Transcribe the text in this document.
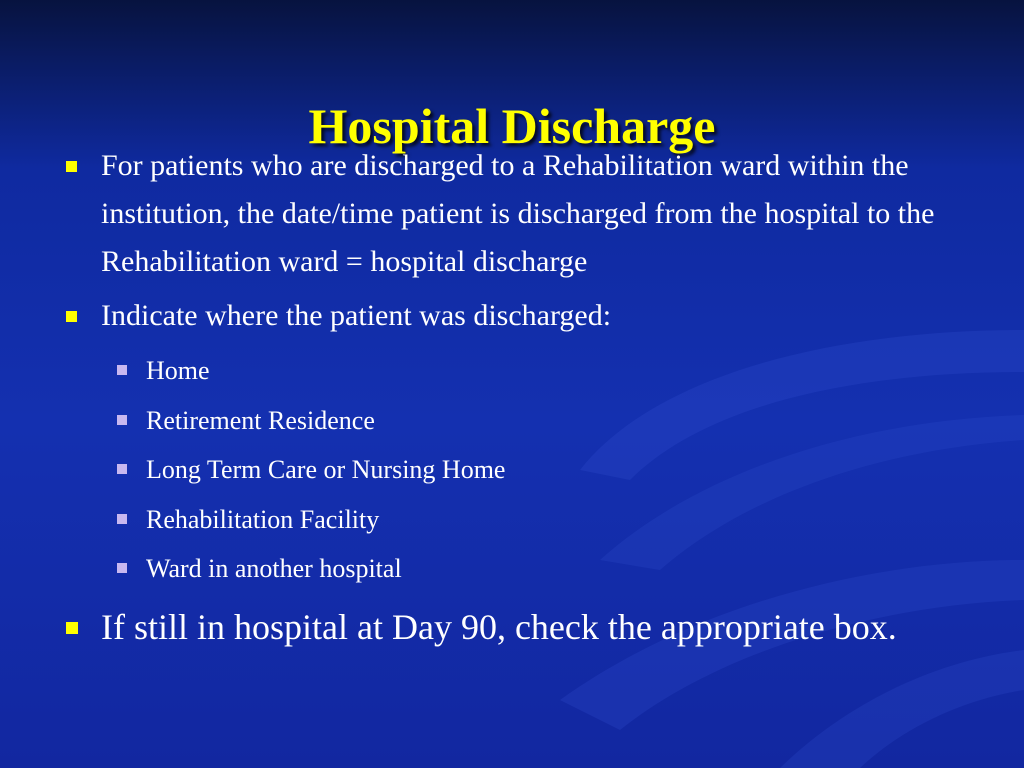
Hospital Discharge
For patients who are discharged to a Rehabilitation ward within the institution, the date/time patient is discharged from the hospital to the Rehabilitation ward = hospital discharge
Indicate where the patient was discharged:
Home
Retirement Residence
Long Term Care or Nursing Home
Rehabilitation Facility
Ward in another hospital
If still in hospital at Day 90, check the appropriate box.
